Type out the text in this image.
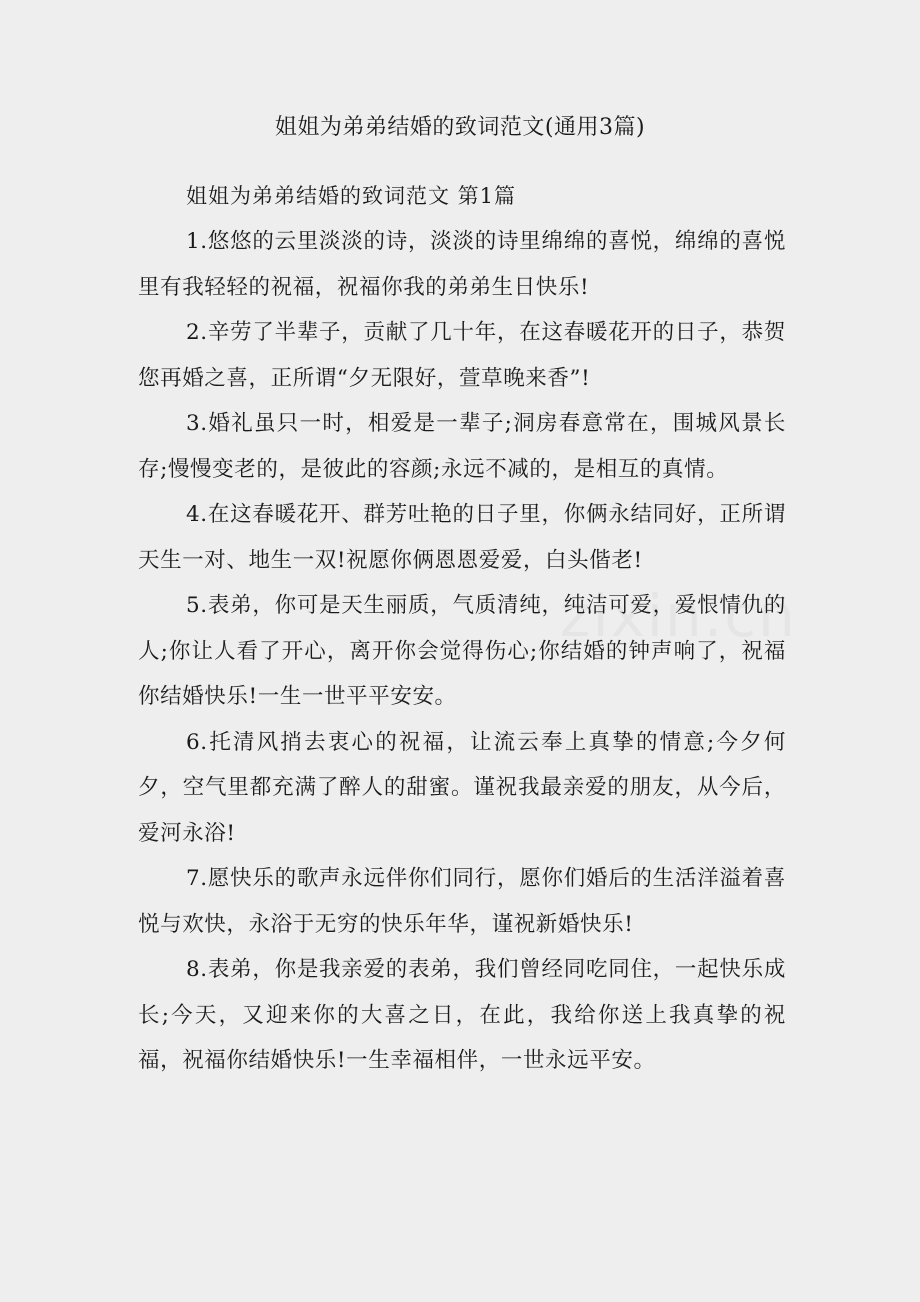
姐姐为弟弟结婚的致词范文(通用3篇)
姐姐为弟弟结婚的致词范文 第1篇

1.悠悠的云里淡淡的诗，淡淡的诗里绵绵的喜悦，绵绵的喜悦里有我轻轻的祝福，祝福你我的弟弟生日快乐!

2.辛劳了半辈子，贡献了几十年，在这春暖花开的日子，恭贺您再婚之喜，正所谓“夕无限好，萱草晚来香”!

3.婚礼虽只一时，相爱是一辈子;洞房春意常在，围城风景长存;慢慢变老的，是彼此的容颜;永远不减的，是相互的真情。

4.在这春暖花开、群芳吐艳的日子里，你俩永结同好，正所谓天生一对、地生一双!祝愿你俩恩恩爱爱，白头偕老!

5.表弟，你可是天生丽质，气质清纯，纯洁可爱，爱恨情仇的人;你让人看了开心，离开你会觉得伤心;你结婚的钟声响了，祝福你结婚快乐!一生一世平平安安。

6.托清风捎去衷心的祝福，让流云奉上真挚的情意;今夕何夕，空气里都充满了醉人的甜蜜。谨祝我最亲爱的朋友，从今后，爱河永浴!

7.愿快乐的歌声永远伴你们同行，愿你们婚后的生活洋溢着喜悦与欢快，永浴于无穷的快乐年华，谨祝新婚快乐!

8.表弟，你是我亲爱的表弟，我们曾经同吃同住，一起快乐成长;今天，又迎来你的大喜之日，在此，我给你送上我真挚的祝福，祝福你结婚快乐!一生幸福相伴，一世永远平安。
